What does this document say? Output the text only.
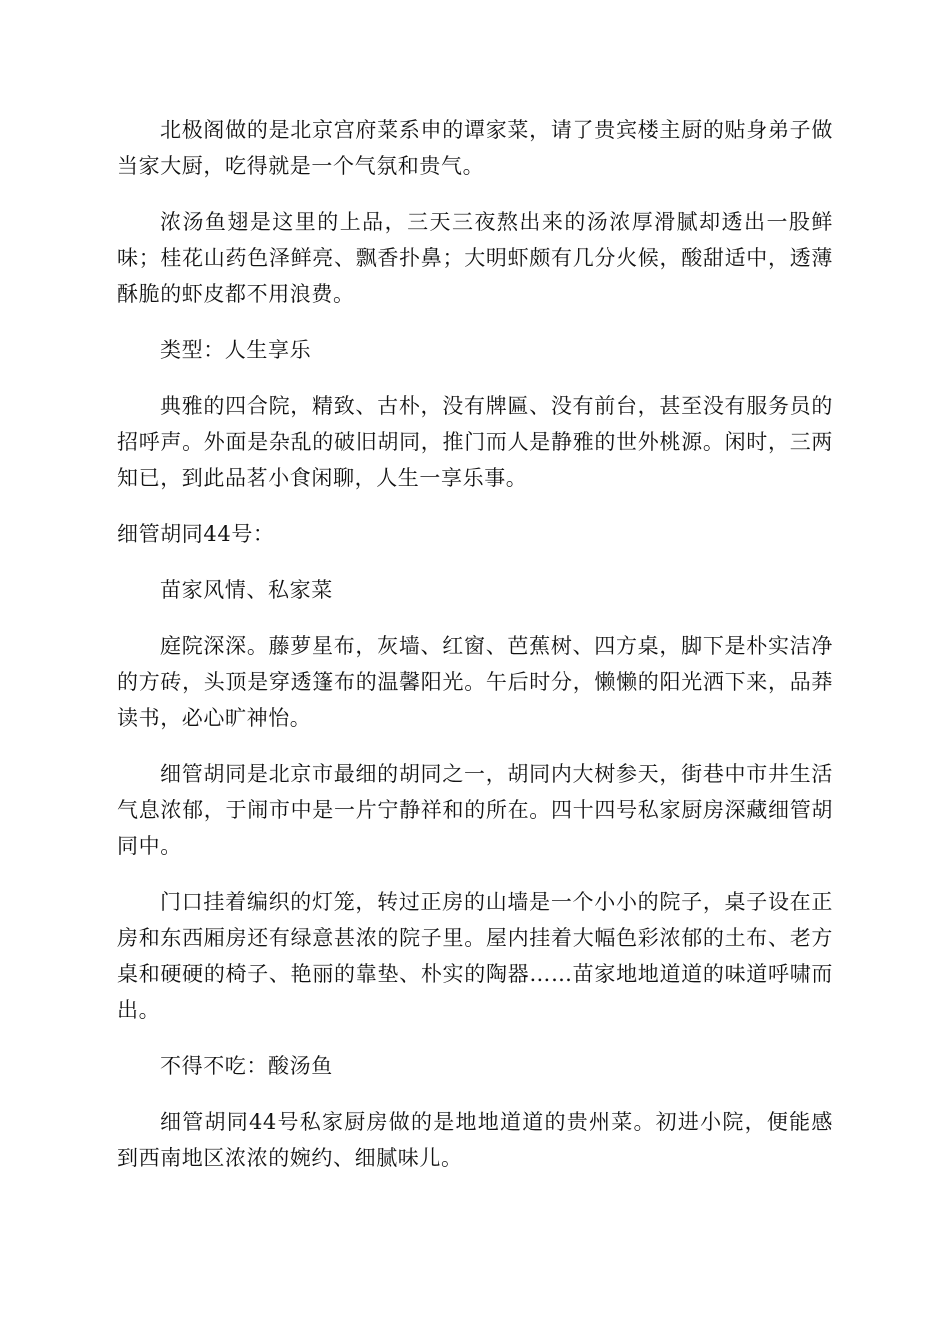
北极阁做的是北京宫府菜系申的谭家菜，请了贵宾楼主厨的贴身弟子做当家大厨，吃得就是一个气氛和贵气。

浓汤鱼翅是这里的上品，三天三夜熬出来的汤浓厚滑腻却透出一股鲜味；桂花山药色泽鲜亮、飘香扑鼻；大明虾颇有几分火候，酸甜适中，透薄酥脆的虾皮都不用浪费。

类型：人生享乐

典雅的四合院，精致、古朴，没有牌匾、没有前台，甚至没有服务员的招呼声。外面是杂乱的破旧胡同，推门而人是静雅的世外桃源。闲时，三两知已，到此品茗小食闲聊，人生一享乐事。

细管胡同44号：

苗家风情、私家菜

庭院深深。藤萝星布，灰墙、红窗、芭蕉树、四方桌，脚下是朴实洁净的方砖，头顶是穿透篷布的温馨阳光。午后时分，懒懒的阳光洒下来，品莽读书，必心旷神怡。

细管胡同是北京市最细的胡同之一，胡同内大树参天，街巷中市井生活气息浓郁，于闹市中是一片宁静祥和的所在。四十四号私家厨房深藏细管胡同中。

门口挂着编织的灯笼，转过正房的山墙是一个小小的院子，桌子设在正房和东西厢房还有绿意甚浓的院子里。屋内挂着大幅色彩浓郁的土布、老方桌和硬硬的椅子、艳丽的靠垫、朴实的陶器……苗家地地道道的味道呼啸而出。

不得不吃：酸汤鱼

细管胡同44号私家厨房做的是地地道道的贵州菜。初进小院，便能感到西南地区浓浓的婉约、细腻味儿。
